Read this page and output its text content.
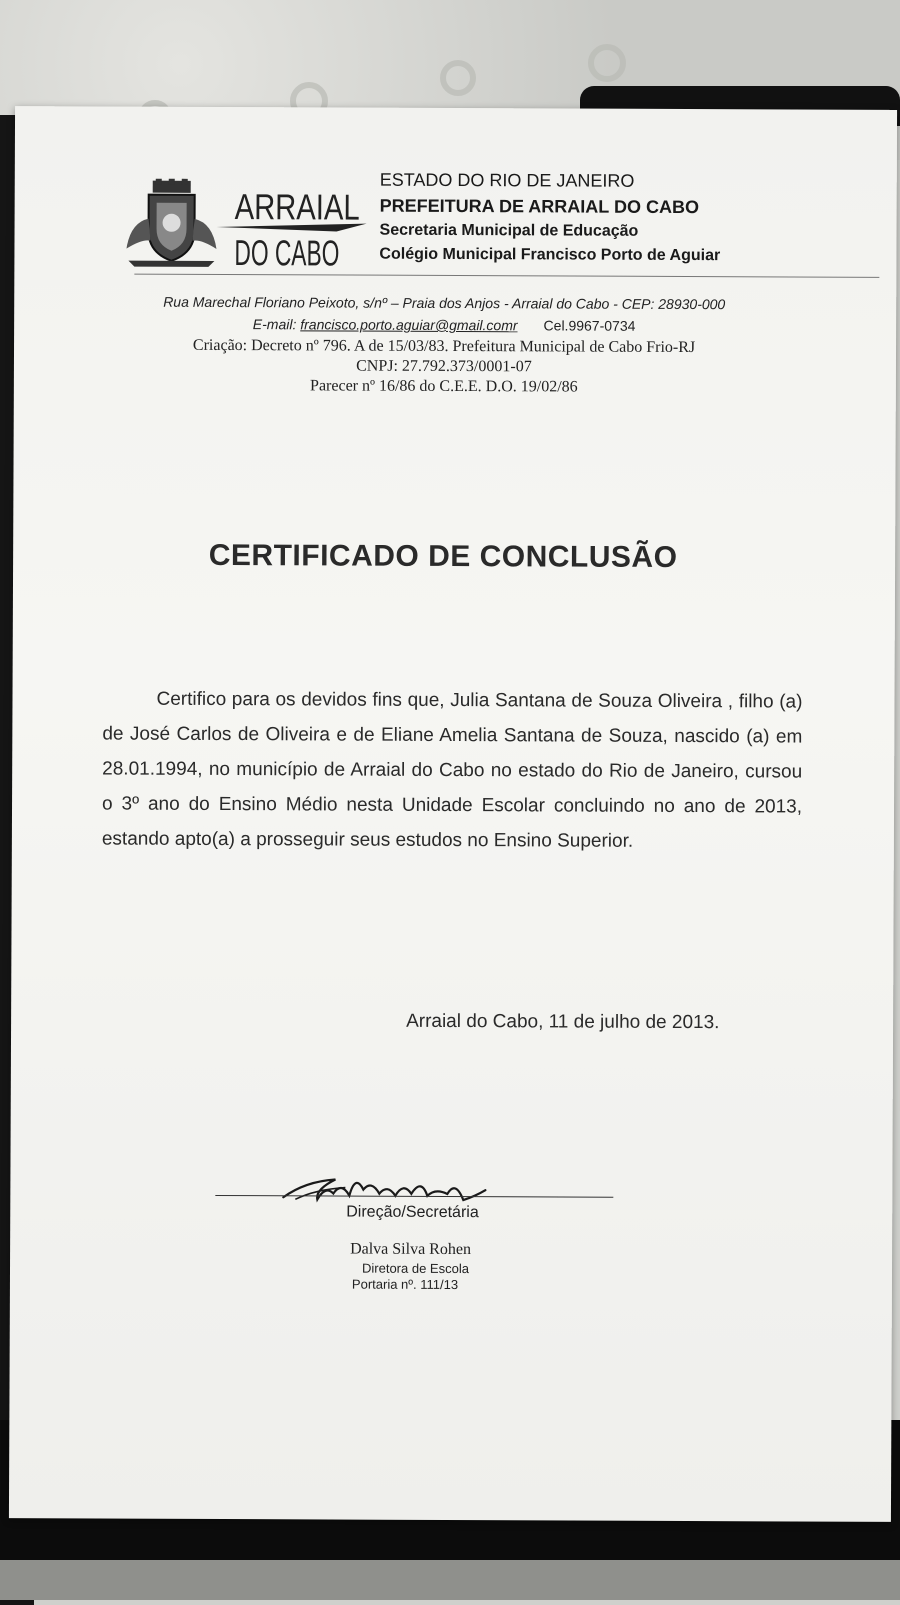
ARRAIAL
DO CABO
ESTADO DO RIO DE JANEIRO
PREFEITURA DE ARRAIAL DO CABO
Secretaria Municipal de Educação
Colégio Municipal Francisco Porto de Aguiar
Rua Marechal Floriano Peixoto, s/nº – Praia dos Anjos - Arraial do Cabo - CEP: 28930-000
E-mail: francisco.porto.aguiar@gmail.comr Cel.9967-0734
Criação: Decreto nº 796. A de 15/03/83. Prefeitura Municipal de Cabo Frio-RJ
CNPJ: 27.792.373/0001-07
Parecer nº 16/86 do C.E.E. D.O. 19/02/86
CERTIFICADO DE CONCLUSÃO

Certifico para os devidos fins que, Julia Santana de Souza Oliveira , filho (a) de José Carlos de Oliveira e de Eliane Amelia Santana de Souza, nascido (a) em 28.01.1994, no município de Arraial do Cabo no estado do Rio de Janeiro, cursou o 3º ano do Ensino Médio nesta Unidade Escolar concluindo no ano de 2013, estando apto(a) a prosseguir seus estudos no Ensino Superior.

Arraial do Cabo, 11 de julho de 2013.
Direção/Secretária
Dalva Silva Rohen
Diretora de Escola
Portaria nº. 111/13
